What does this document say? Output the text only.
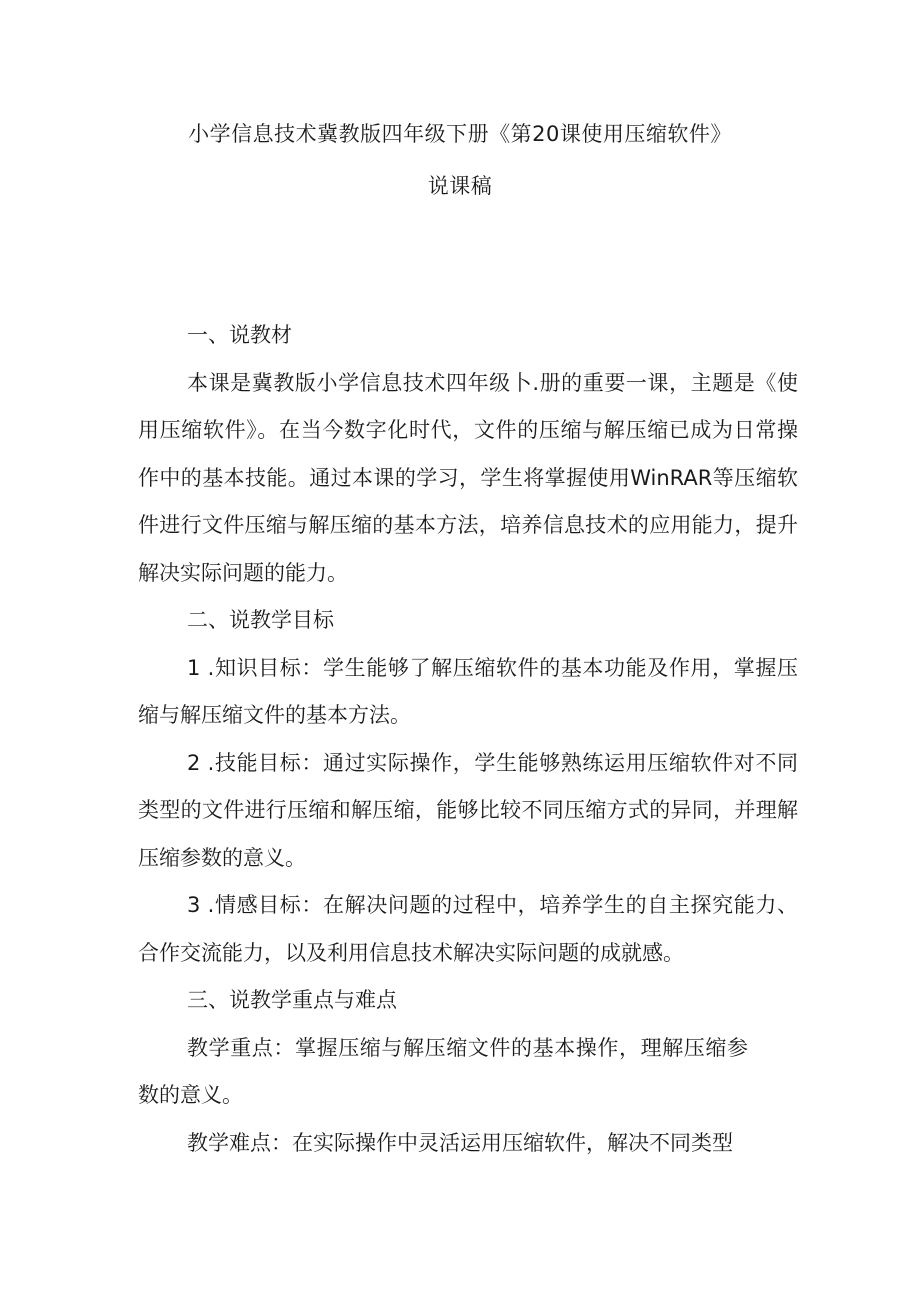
小学信息技术冀教版四年级下册《第20课使用压缩软件》
说课稿

一、说教材

本课是冀教版小学信息技术四年级卜.册的重要一课，主题是《使用压缩软件》。在当今数字化时代，文件的压缩与解压缩已成为日常操作中的基本技能。通过本课的学习，学生将掌握使用WinRAR等压缩软件进行文件压缩与解压缩的基本方法，培养信息技术的应用能力，提升解决实际问题的能力。

二、说教学目标

1 .知识目标：学生能够了解压缩软件的基本功能及作用，掌握压缩与解压缩文件的基本方法。

2 .技能目标：通过实际操作，学生能够熟练运用压缩软件对不同类型的文件进行压缩和解压缩，能够比较不同压缩方式的异同，并理解压缩参数的意义。

3 .情感目标：在解决问题的过程中，培养学生的自主探究能力、合作交流能力，以及利用信息技术解决实际问题的成就感。

三、说教学重点与难点

教学重点：掌握压缩与解压缩文件的基本操作，理解压缩参数的意义。

教学难点：在实际操作中灵活运用压缩软件，解决不同类型
